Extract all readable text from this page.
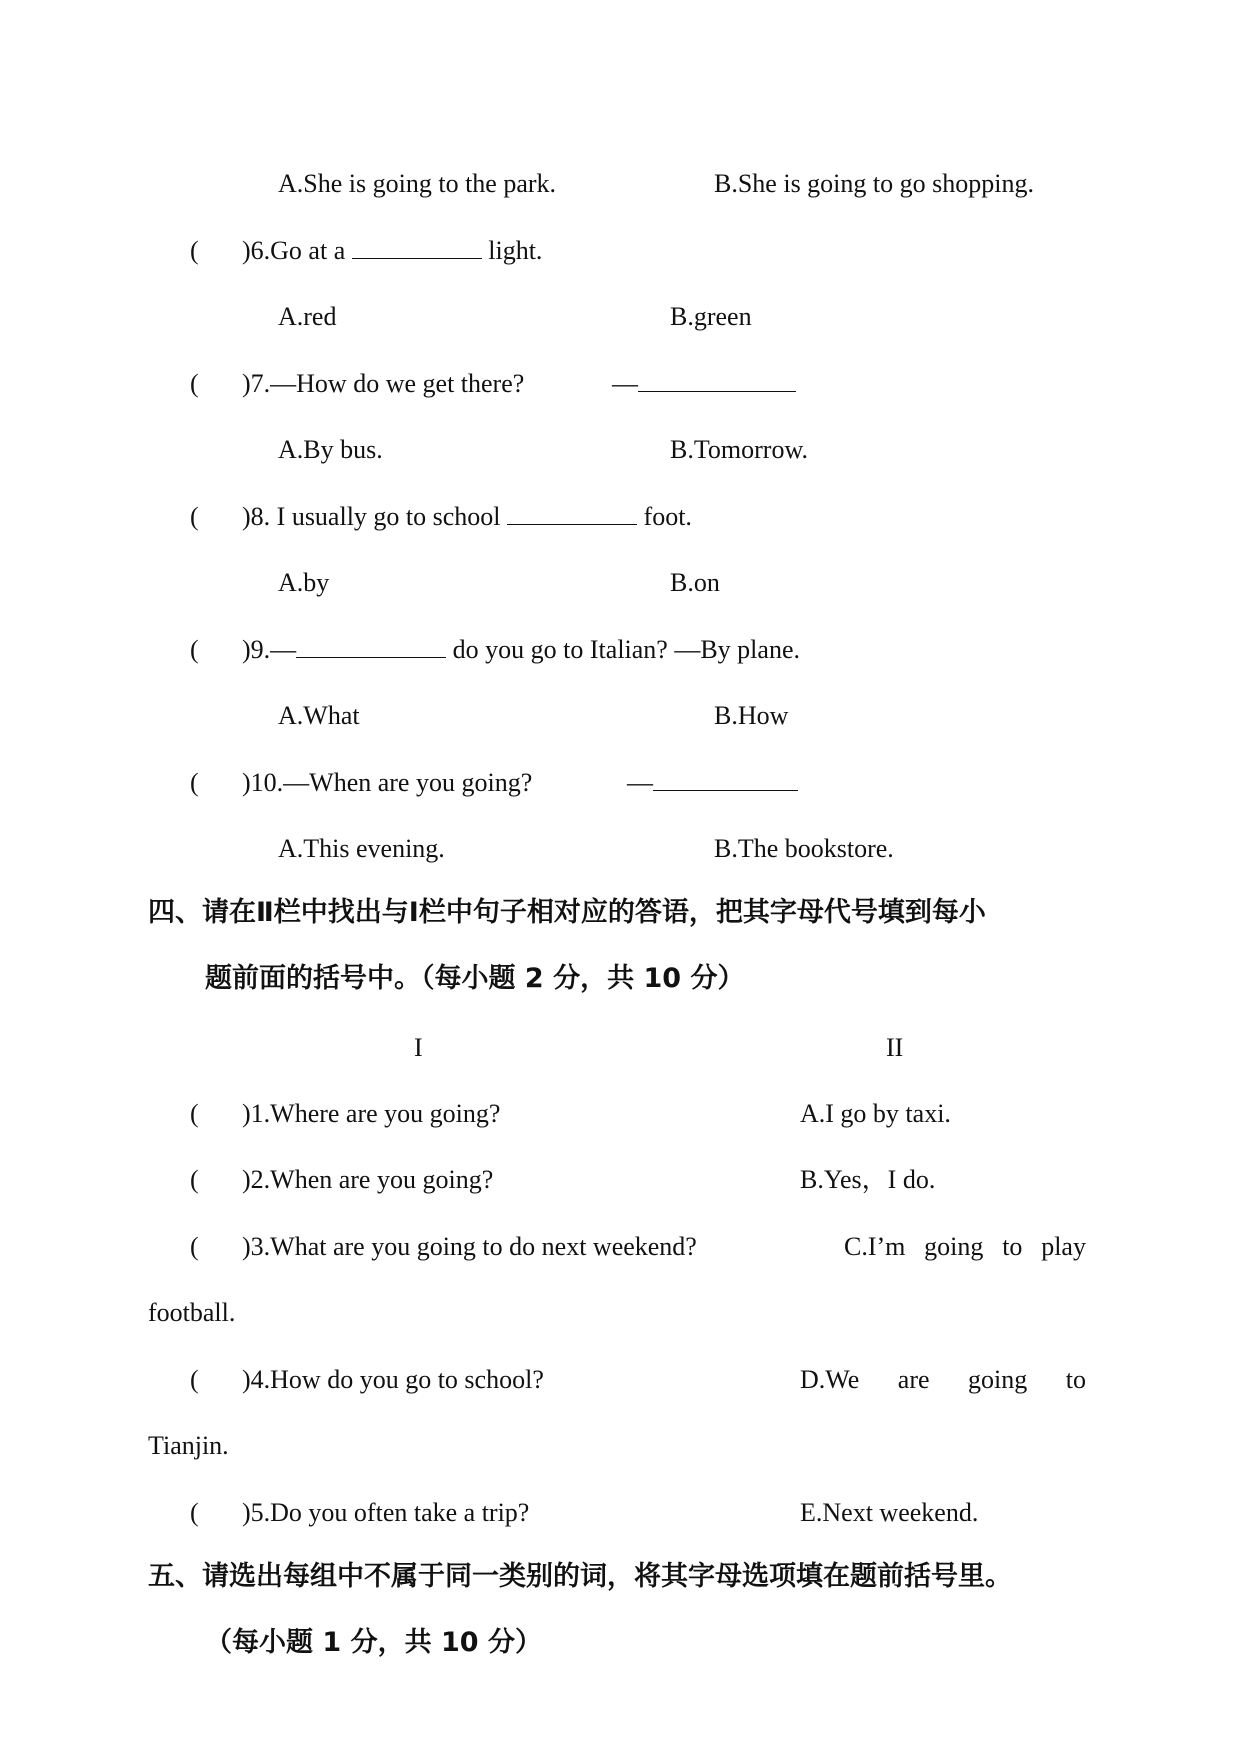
A.She is going to the park.	B.She is going to go shopping.
( )6.Go at a	light.
A.red	B.green
( )7.—How do we get there?	—
A.By bus.	B.Tomorrow.
( )8. I usually go to school	foot.
A.by	B.on
( )9.—	do you go to Italian? —By plane.
A.What	B.How
( )10.—When are you going?	—
A.This evening.	B.The bookstore.
四、请在Ⅱ栏中找出与Ⅰ栏中句子相对应的答语，把其字母代号填到每小
题前面的括号中。（每小题 2 分，共 10 分）
I	II
( )1.Where are you going?	A.I go by taxi.
( )2.When are you going?	B.Yes，I do.
( )3.What are you going to do next weekend?	C.I’m going to play
football.
( )4.How do you go to school?	D.We are going to
Tianjin.
( )5.Do you often take a trip?	E.Next weekend.
五、请选出每组中不属于同一类别的词，将其字母选项填在题前括号里。
（每小题 1 分，共 10 分）
